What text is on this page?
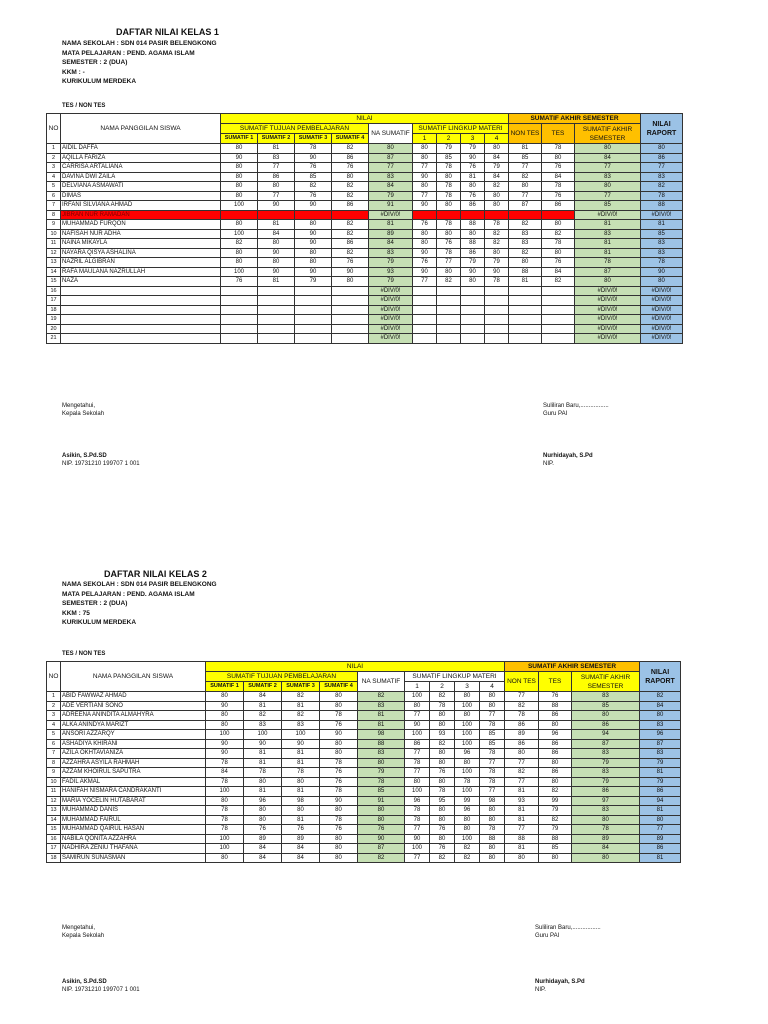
DAFTAR NILAI KELAS 1
NAMA SEKOLAH : SDN 014 PASIR BELENGKONG
MATA PELAJARAN : PEND. AGAMA ISLAM
SEMESTER : 2 (DUA)
KKM : -
KURIKULUM MERDEKA
TES / NON TES
NO	NAMA PANGGILAN SISWA	NILAI									SUMATIF AKHIR SEMESTER			NILAI RAPORT
		SUMATIF TUJUAN PEMBELAJARAN				NA SUMATIF	SUMATIF LINGKUP MATERI				NON TES	TES	SUMATIF AKHIR SEMESTER	
		SUMATIF 1	SUMATIF 2	SUMATIF 3	SUMATIF 4		1	2	3	4				
1	AIDIL DAFFA	80	81	78	82	80	80	79	79	80	81	78	80	80
2	AQILLA FARIZA	90	83	90	86	87	80	85	90	84	85	80	84	86
3	CARRISA ARTALIANA	80	77	76	76	77	77	78	76	79	77	76	77	77
4	DAVINA DWI ZAILA	80	86	85	80	83	90	80	81	84	82	84	83	83
5	DELVIANA ASMAWATI	80	80	82	82	84	80	78	80	82	80	78	80	82
6	DIMAS	80	77	76	82	79	77	78	76	80	77	76	77	78
7	IRFANI SILVIANA AHMAD	100	90	90	86	91	90	80	86	80	87	86	85	88
8	JIBRAN NUR RAMADAN					#DIV/0!							#DIV/0!	#DIV/0!
9	MUHAMMAD FURQON	80	81	80	82	81	76	78	88	78	82	80	81	81
10	NAFISAH NUR ADHA	100	84	90	82	89	80	80	80	82	83	82	83	85
11	NAINA MIKAYLA	82	80	90	86	84	80	76	88	82	83	78	81	83
12	NAYARA QISYA ASHALINA	80	90	80	82	83	90	78	86	80	82	80	81	83
13	NAZRIL ALGIBRAN	80	80	80	76	79	76	77	79	79	80	76	78	78
14	RAFA MAULANA NAZRULLAH	100	90	90	90	93	90	80	90	90	88	84	87	90
15	NAZA	76	81	79	80	79	77	82	80	78	81	82	80	80
16						#DIV/0!							#DIV/0!	#DIV/0!
17						#DIV/0!							#DIV/0!	#DIV/0!
18						#DIV/0!							#DIV/0!	#DIV/0!
19						#DIV/0!							#DIV/0!	#DIV/0!
20						#DIV/0!							#DIV/0!	#DIV/0!
21						#DIV/0!							#DIV/0!	#DIV/0!
Mengetahui,
Kepala Sekolah
Asikin, S.Pd.SD
NIP. 19731210 199707 1 001
Suliliran Baru,.................
Guru PAI
Nurhidayah, S.Pd
NIP.
DAFTAR NILAI KELAS 2
NAMA SEKOLAH : SDN 014 PASIR BELENGKONG
MATA PELAJARAN : PEND. AGAMA ISLAM
SEMESTER : 2 (DUA)
KKM : 75
KURIKULUM MERDEKA
TES / NON TES
NO	NAMA PANGGILAN SISWA	NILAI									SUMATIF AKHIR SEMESTER			NILAI RAPORT
		SUMATIF TUJUAN PEMBELAJARAN				NA SUMATIF	SUMATIF LINGKUP MATERI				NON TES	TES	SUMATIF AKHIR SEMESTER	
		SUMATIF 1	SUMATIF 2	SUMATIF 3	SUMATIF 4		1	2	3	4				
1	ABID FAWWAZ AHMAD	80	84	82	80	82	100	82	80	80	77	76	83	82
2	ADE VERTIANI SONO	90	81	81	80	83	80	78	100	80	82	88	85	84
3	ADREENA ANINDITA ALMAHYRA	80	82	82	78	81	77	80	80	77	78	86	80	80
4	ALKA ANINDYA MARIZT	80	83	83	76	81	90	80	100	78	86	80	86	83
5	ANSORI AZZARQY	100	100	100	90	98	100	93	100	85	89	96	94	96
6	ASHADIYA KHIRANI	90	90	90	80	88	86	82	100	85	86	86	87	87
7	AZILA OKHTAVIANIZA	90	81	81	80	83	77	80	96	78	80	86	83	83
8	AZZAHRA ASYILA RAHMAH	78	81	81	78	80	78	80	80	77	77	80	79	79
9	AZZAM KHOIRUL SAPUTRA	84	78	78	76	79	77	76	100	78	82	86	83	81
10	FADIL AKMAL	78	80	80	76	78	80	80	78	78	77	80	79	79
11	HANIFAH NISMARA CANDRAKANTI	100	81	81	78	85	100	78	100	77	81	82	86	86
12	MARIA YOCELIN HUTABARAT	80	96	98	90	91	96	95	99	98	93	99	97	94
13	MUHAMMAD DANIS	78	80	80	80	80	78	80	96	80	81	79	83	81
14	MUHAMMAD FAIRUL	78	80	81	78	80	78	80	80	80	81	82	80	80
15	MUHAMMAD QAIRUL HASAN	78	76	76	76	76	77	76	80	78	77	79	78	77
16	NABILA QONITA AZZAHRA	100	89	89	80	90	90	80	100	88	88	88	89	89
17	NADHIRA ZENIU THAFANA	100	84	84	80	87	100	76	82	80	81	85	84	86
18	SAMIRUN SUNASMAN	80	84	84	80	82	77	82	82	80	80	80	80	81
Mengetahui,
Kepala Sekolah
Asikin, S.Pd.SD
NIP. 19731210 199707 1 001
Suliliran Baru,.................
Guru PAI
Nurhidayah, S.Pd
NIP.
